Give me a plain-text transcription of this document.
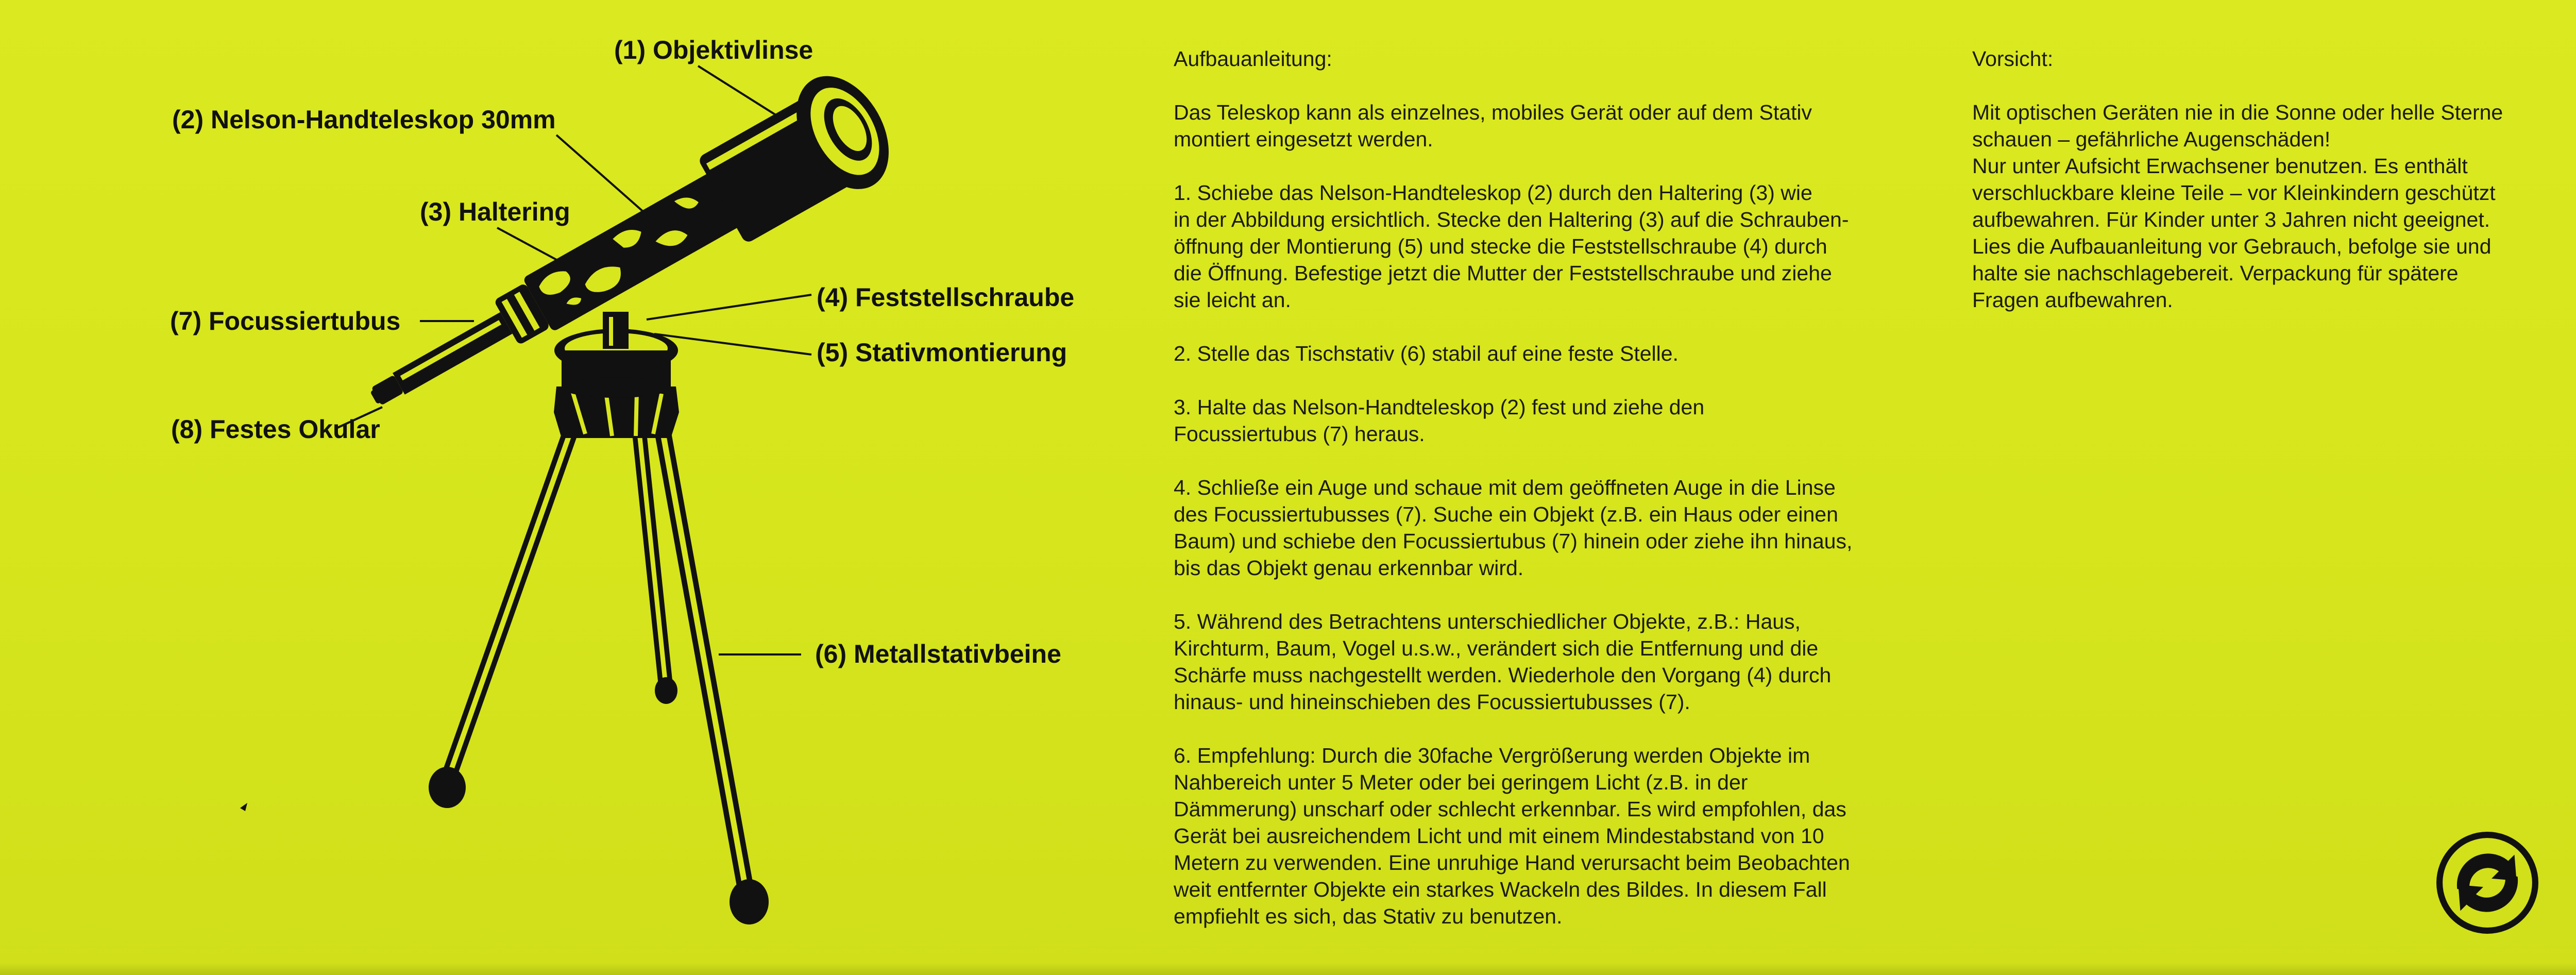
(1) Objektivlinse
(2) Nelson-Handteleskop 30mm
(3) Haltering
(4) Feststellschraube
(5) Stativmontierung
(7) Focussiertubus
(8) Festes Okular
(6) Metallstativbeine

Aufbauanleitung:

Das Teleskop kann als einzelnes, mobiles Gerät oder auf dem Stativ
montiert eingesetzt werden.

1. Schiebe das Nelson-Handteleskop (2) durch den Haltering (3) wie
in der Abbildung ersichtlich. Stecke den Haltering (3) auf die Schrauben-
öffnung der Montierung (5) und stecke die Feststellschraube (4) durch
die Öffnung. Befestige jetzt die Mutter der Feststellschraube und ziehe
sie leicht an.

2. Stelle das Tischstativ (6) stabil auf eine feste Stelle.

3. Halte das Nelson-Handteleskop (2) fest und ziehe den
Focussiertubus (7) heraus.

4. Schließe ein Auge und schaue mit dem geöffneten Auge in die Linse
des Focussiertubusses (7). Suche ein Objekt (z.B. ein Haus oder einen
Baum) und schiebe den Focussiertubus (7) hinein oder ziehe ihn hinaus,
bis das Objekt genau erkennbar wird.

5. Während des Betrachtens unterschiedlicher Objekte, z.B.: Haus,
Kirchturm, Baum, Vogel u.s.w., verändert sich die Entfernung und die
Schärfe muss nachgestellt werden. Wiederhole den Vorgang (4) durch
hinaus- und hineinschieben des Focussiertubusses (7).

6. Empfehlung: Durch die 30fache Vergrößerung werden Objekte im
Nahbereich unter 5 Meter oder bei geringem Licht (z.B. in der
Dämmerung) unscharf oder schlecht erkennbar. Es wird empfohlen, das
Gerät bei ausreichendem Licht und mit einem Mindestabstand von 10
Metern zu verwenden. Eine unruhige Hand verursacht beim Beobachten
weit entfernter Objekte ein starkes Wackeln des Bildes. In diesem Fall
empfiehlt es sich, das Stativ zu benutzen.

Vorsicht:

Mit optischen Geräten nie in die Sonne oder helle Sterne
schauen – gefährliche Augenschäden!
Nur unter Aufsicht Erwachsener benutzen. Es enthält
verschluckbare kleine Teile – vor Kleinkindern geschützt
aufbewahren. Für Kinder unter 3 Jahren nicht geeignet.
Lies die Aufbauanleitung vor Gebrauch, befolge sie und
halte sie nachschlagebereit. Verpackung für spätere
Fragen aufbewahren.
